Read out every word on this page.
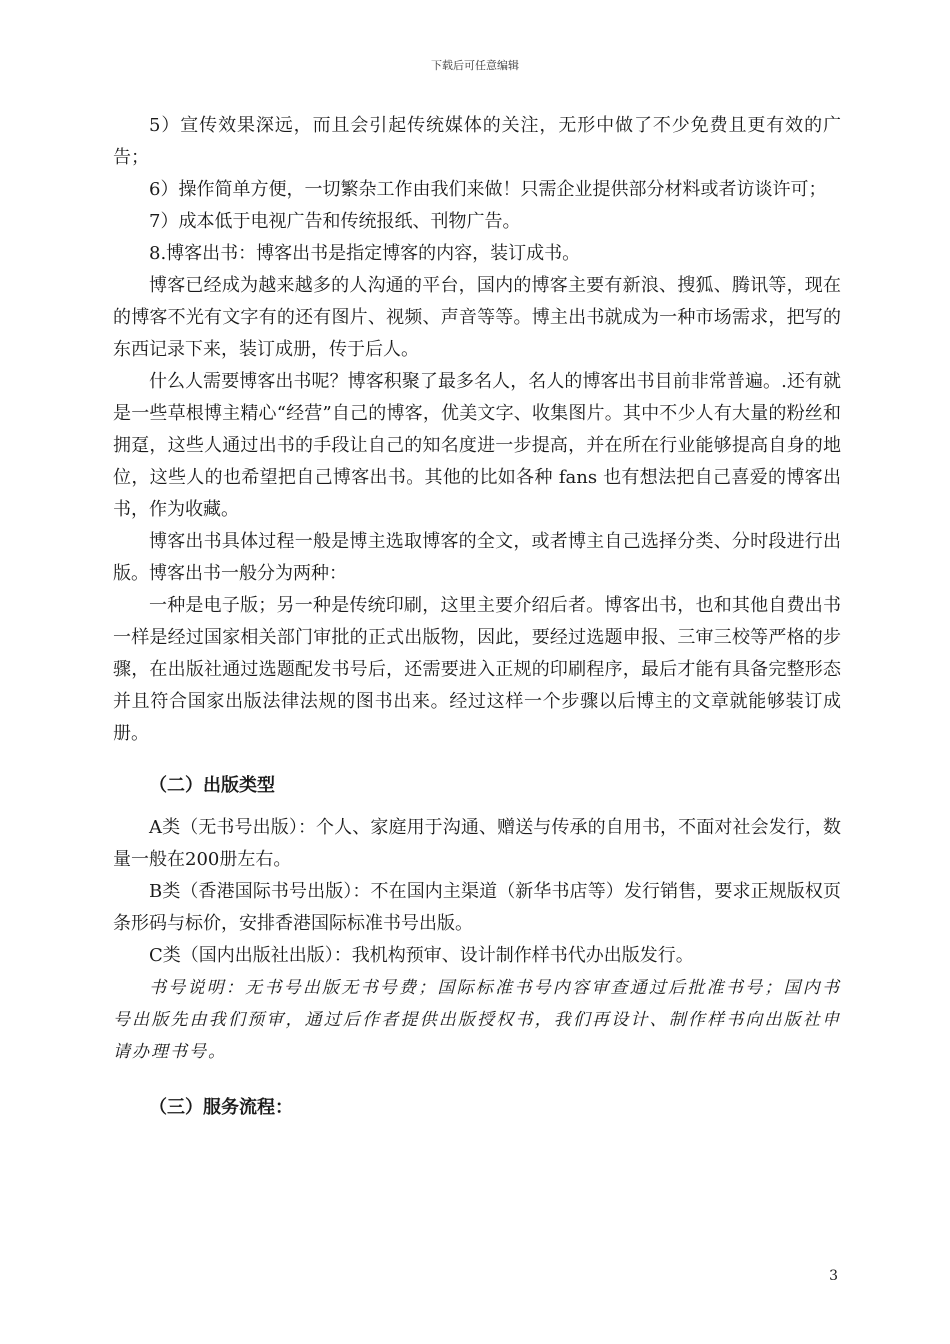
下载后可任意编辑

5）宣传效果深远，而且会引起传统媒体的关注，无形中做了不少免费且更有效的广告；

6）操作简单方便，一切繁杂工作由我们来做！只需企业提供部分材料或者访谈许可；

7）成本低于电视广告和传统报纸、刊物广告。

8.博客出书：博客出书是指定博客的内容，装订成书。

博客已经成为越来越多的人沟通的平台，国内的博客主要有新浪、搜狐、腾讯等，现在的博客不光有文字有的还有图片、视频、声音等等。博主出书就成为一种市场需求，把写的东西记录下来，装订成册，传于后人。

什么人需要博客出书呢？博客积聚了最多名人，名人的博客出书目前非常普遍。.还有就是一些草根博主精心“经营”自己的博客，优美文字、收集图片。其中不少人有大量的粉丝和拥趸，这些人通过出书的手段让自己的知名度进一步提高，并在所在行业能够提高自身的地位，这些人的也希望把自己博客出书。其他的比如各种 fans 也有想法把自己喜爱的博客出书，作为收藏。

博客出书具体过程一般是博主选取博客的全文，或者博主自己选择分类、分时段进行出版。博客出书一般分为两种：

一种是电子版；另一种是传统印刷，这里主要介绍后者。博客出书，也和其他自费出书一样是经过国家相关部门审批的正式出版物，因此，要经过选题申报、三审三校等严格的步骤，在出版社通过选题配发书号后，还需要进入正规的印刷程序，最后才能有具备完整形态并且符合国家出版法律法规的图书出来。经过这样一个步骤以后博主的文章就能够装订成册。

（二）出版类型

A类（无书号出版）：个人、家庭用于沟通、赠送与传承的自用书，不面对社会发行，数量一般在200册左右。

B类（香港国际书号出版）：不在国内主渠道（新华书店等）发行销售，要求正规版权页条形码与标价，安排香港国际标准书号出版。

C类（国内出版社出版）：我机构预审、设计制作样书代办出版发行。

书号说明：无书号出版无书号费；国际标准书号内容审查通过后批准书号；国内书号出版先由我们预审，通过后作者提供出版授权书，我们再设计、制作样书向出版社申请办理书号。

（三）服务流程：

3
